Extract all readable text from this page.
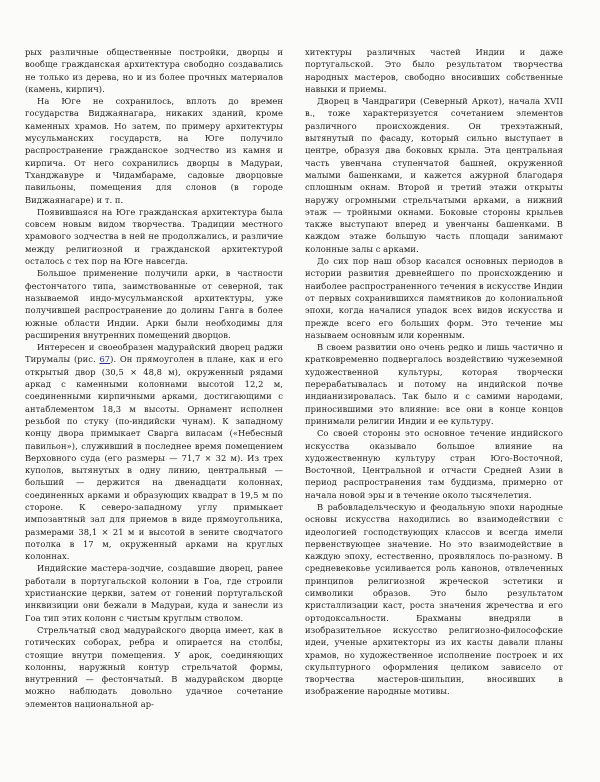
рых различные общественные постройки, дворцы и вообще гражданская архитектура свободно создавались не только из дерева, но и из более прочных материалов (камень, кирпич).

На Юге не сохранилось, вплоть до времен государства Виджаянагара, никаких зданий, кроме каменных храмов. Но затем, по примеру архитектуры мусульманских государств, на Юге получило распространение гражданское зодчество из камня и кирпича. От него сохранились дворцы в Мадураи, Тханджавуре и Чидамбараме, садовые дворцовые павильоны, помещения для слонов (в городе Виджаянагаре) и т. п.

Появившаяся на Юге гражданская архитектура была совсем новым видом творчества. Традиции местного храмового зодчества в ней не продолжались, и различие между религиозной и гражданской архитектурой осталось с тех пор на Юге навсегда.

Большое применение получили арки, в частности фестончатого типа, заимствованные от северной, так называемой индо-мусульманской архитектуры, уже получившей распространение до долины Ганга в более южные области Индии. Арки были необходимы для расширения внутренних помещений дворцов.

Интересен и своеобразен мадурайский дворец раджи Тирумалы (рис. 67). Он прямоуголен в плане, как и его открытый двор (30,5 × 48,8 м), окруженный рядами аркад с каменными колоннами высотой 12,2 м, соединенными кирпичными арками, достигающими с антаблементом 18,3 м высоты. Орнамент исполнен резьбой по стуку (по-индийски чунам). К западному концу двора примыкает Сварга виласам («Небесный павильон»), служивший в последнее время помещением Верховного суда (его размеры — 71,7 × 32 м). Из трех куполов, вытянутых в одну линию, центральный — больший — держится на двенадцати колоннах, соединенных арками и образующих квадрат в 19,5 м по стороне. К северо-западному углу примыкает импозантный зал для приемов в виде прямоугольника, размерами 38,1 × 21 м и высотой в зените сводчатого потолка в 17 м, окруженный арками на круглых колоннах.

Индийские мастера-зодчие, создавшие дворец, ранее работали в португальской колонии в Гоа, где строили христианские церкви, затем от гонений португальской инквизиции они бежали в Мадураи, куда и занесли из Гоа тип этих колонн с чистым круглым стволом.

Стрельчатый свод мадурайского дворца имеет, как в готических соборах, ребра и опирается на столбы, стоящие внутри помещения. У арок, соединяющих колонны, наружный контур стрельчатой формы, внутренний — фестончатый. В мадурайском дворце можно наблюдать довольно удачное сочетание элементов национальной ар-

хитектуры различных частей Индии и даже португальской. Это было результатом творчества народных мастеров, свободно вносивших собственные навыки и приемы.

Дворец в Чандрагири (Северный Аркот), начала XVII в., тоже характеризуется сочетанием элементов различного происхождения. Он трехэтажный, вытянутый по фасаду, который сильно выступает в центре, образуя два боковых крыла. Эта центральная часть увенчана ступенчатой башней, окруженной малыми башенками, и кажется ажурной благодаря сплошным окнам. Второй и третий этажи открыты наружу огромными стрельчатыми арками, а нижний этаж — тройными окнами. Боковые стороны крыльев также выступают вперед и увенчаны башенками. В каждом этаже большую часть площади занимают колонные залы с арками.

До сих пор наш обзор касался основных периодов в истории развития древнейшего по происхождению и наиболее распространенного течения в искусстве Индии от первых сохранившихся памятников до колониальной эпохи, когда началися упадок всех видов искусства и прежде всего его больших форм. Это течение мы называем основным или коренным.

В своем развитии оно очень редко и лишь частично и кратковременно подвергалось воздействию чужеземной художественной культуры, которая творчески перерабатывалась и потому на индийской почве индианизировалась. Так было и с самими народами, приносившими это влияние: все они в конце концов принимали религии Индии и ее культуру.

Со своей стороны это основное течение индийского искусства оказывало большое влияние на художественную культуру стран Юго-Восточной, Восточной, Центральной и отчасти Средней Азии в период распространения там буддизма, примерно от начала новой эры и в течение около тысячелетия.

В рабовладельческую и феодальную эпохи народные основы искусства находились во взаимодействии с идеологией господствующих классов и всегда имели первенствующее значение. Но это взаимодействие в каждую эпоху, естественно, проявлялось по-разному. В средневековье усиливается роль канонов, отвлеченных принципов религиозной жреческой эстетики и символики образов. Это было результатом кристаллизации каст, роста значения жречества и его ортодоксальности. Брахманы внедряли в изобразительное искусство религиозно-философские идеи, ученые архитекторы из их касты давали планы храмов, но художественное исполнение построек и их скульптурного оформления целиком зависело от творчества мастеров-шильпин, вносивших в изображение народные мотивы.
